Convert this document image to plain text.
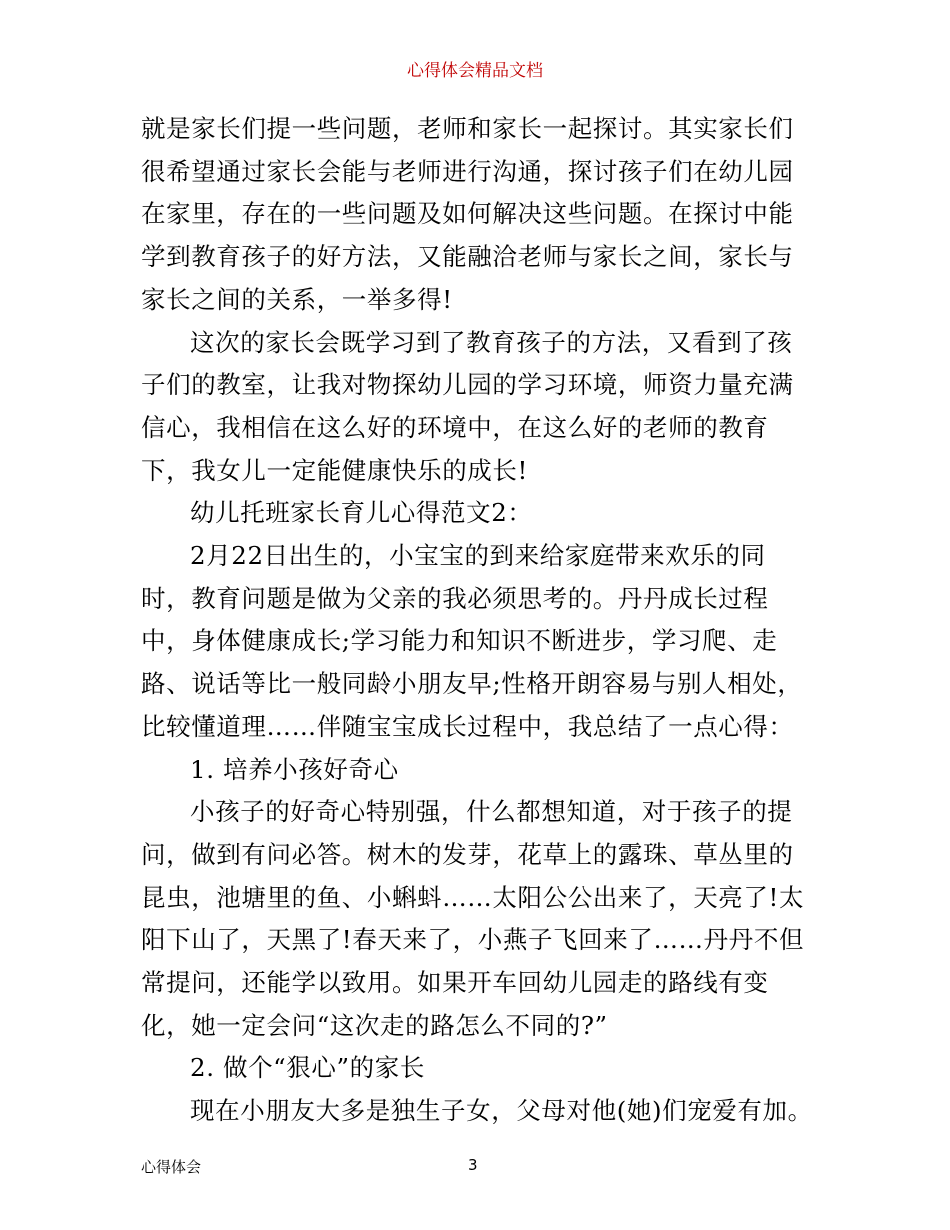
心得体会精品文档

就是家长们提一些问题，老师和家长一起探讨。其实家长们很希望通过家长会能与老师进行沟通，探讨孩子们在幼儿园在家里，存在的一些问题及如何解决这些问题。在探讨中能学到教育孩子的好方法，又能融洽老师与家长之间，家长与家长之间的关系，一举多得!

这次的家长会既学习到了教育孩子的方法，又看到了孩子们的教室，让我对物探幼儿园的学习环境，师资力量充满信心，我相信在这么好的环境中，在这么好的老师的教育下，我女儿一定能健康快乐的成长!

幼儿托班家长育儿心得范文2：

2月22日出生的，小宝宝的到来给家庭带来欢乐的同时，教育问题是做为父亲的我必须思考的。丹丹成长过程中，身体健康成长;学习能力和知识不断进步，学习爬、走路、说话等比一般同龄小朋友早;性格开朗容易与别人相处，比较懂道理……伴随宝宝成长过程中，我总结了一点心得：

1. 培养小孩好奇心

小孩子的好奇心特别强，什么都想知道，对于孩子的提问，做到有问必答。树木的发芽，花草上的露珠、草丛里的昆虫，池塘里的鱼、小蝌蚪……太阳公公出来了，天亮了!太阳下山了，天黑了!春天来了，小燕子飞回来了……丹丹不但常提问，还能学以致用。如果开车回幼儿园走的路线有变化，她一定会问“这次走的路怎么不同的?”

2. 做个“狠心”的家长

现在小朋友大多是独生子女，父母对他(她)们宠爱有加。

心得体会	3
